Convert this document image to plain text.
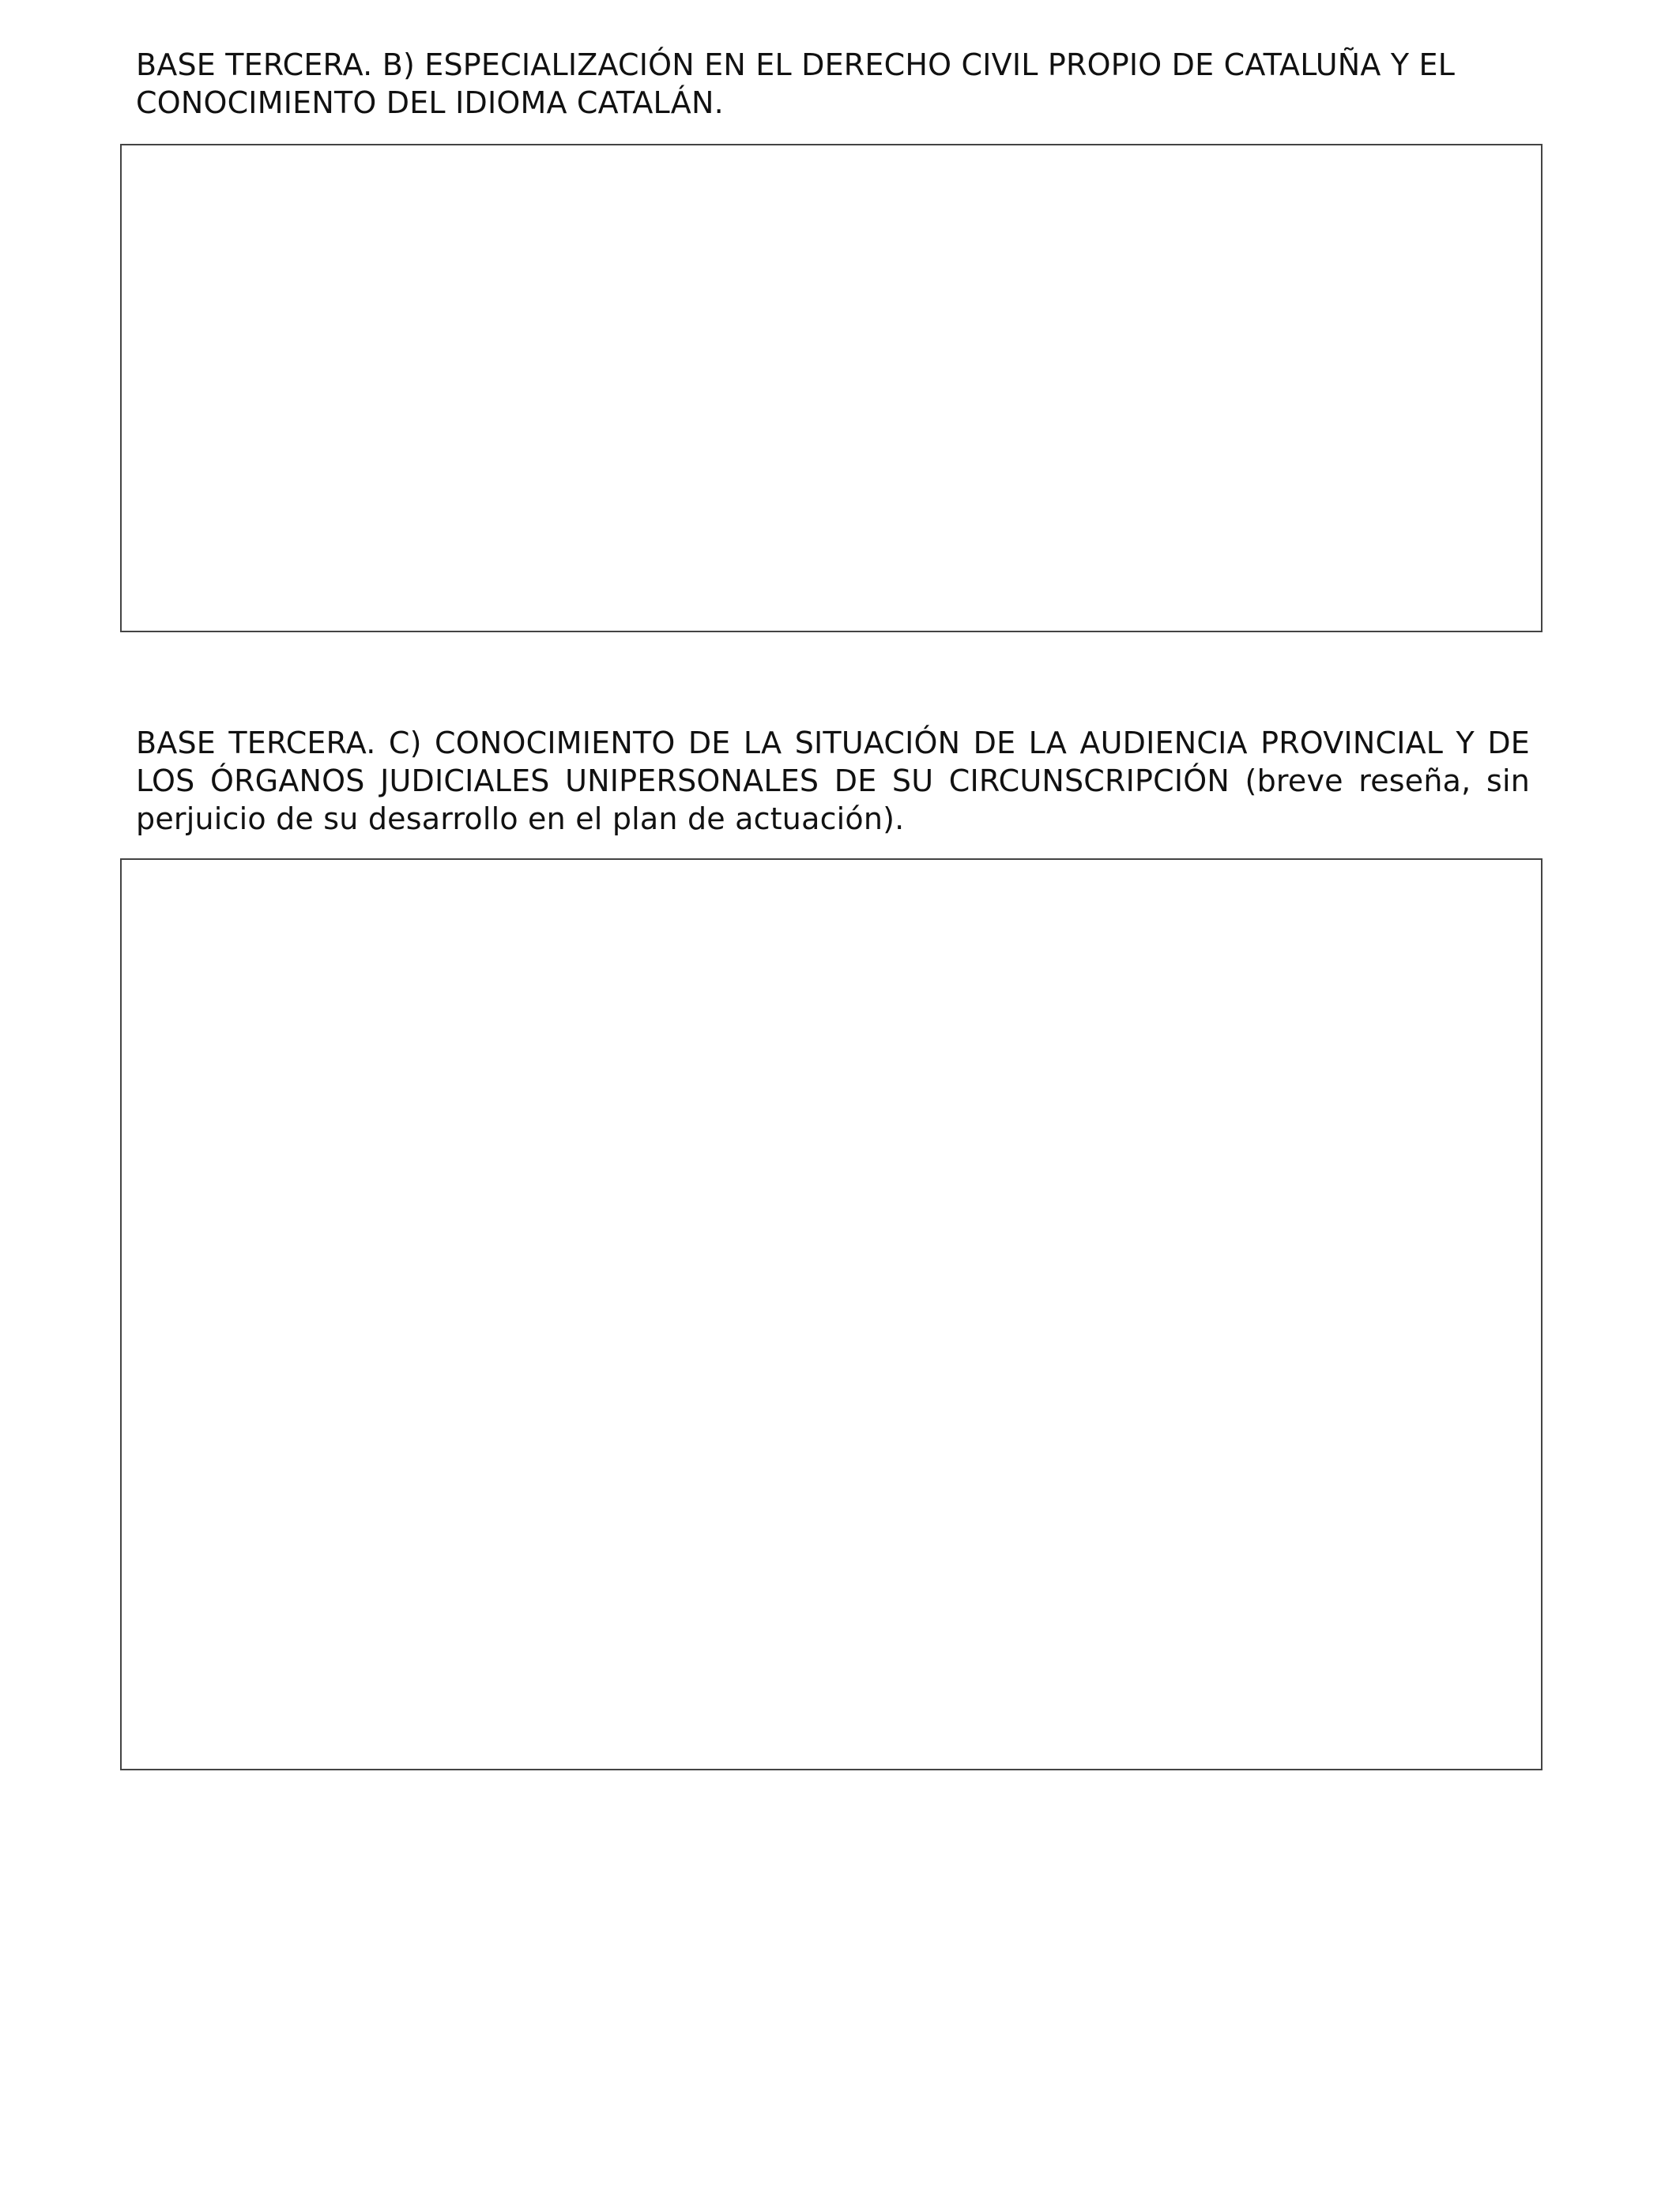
BASE TERCERA. B) ESPECIALIZACIÓN EN EL DERECHO CIVIL PROPIO DE CATALUÑA Y EL CONOCIMIENTO DEL IDIOMA CATALÁN.

BASE TERCERA. C) CONOCIMIENTO DE LA SITUACIÓN DE LA AUDIENCIA PROVINCIAL Y DE LOS ÓRGANOS JUDICIALES UNIPERSONALES DE SU CIRCUNSCRIPCIÓN (breve reseña, sin perjuicio de su desarrollo en el plan de actuación).
